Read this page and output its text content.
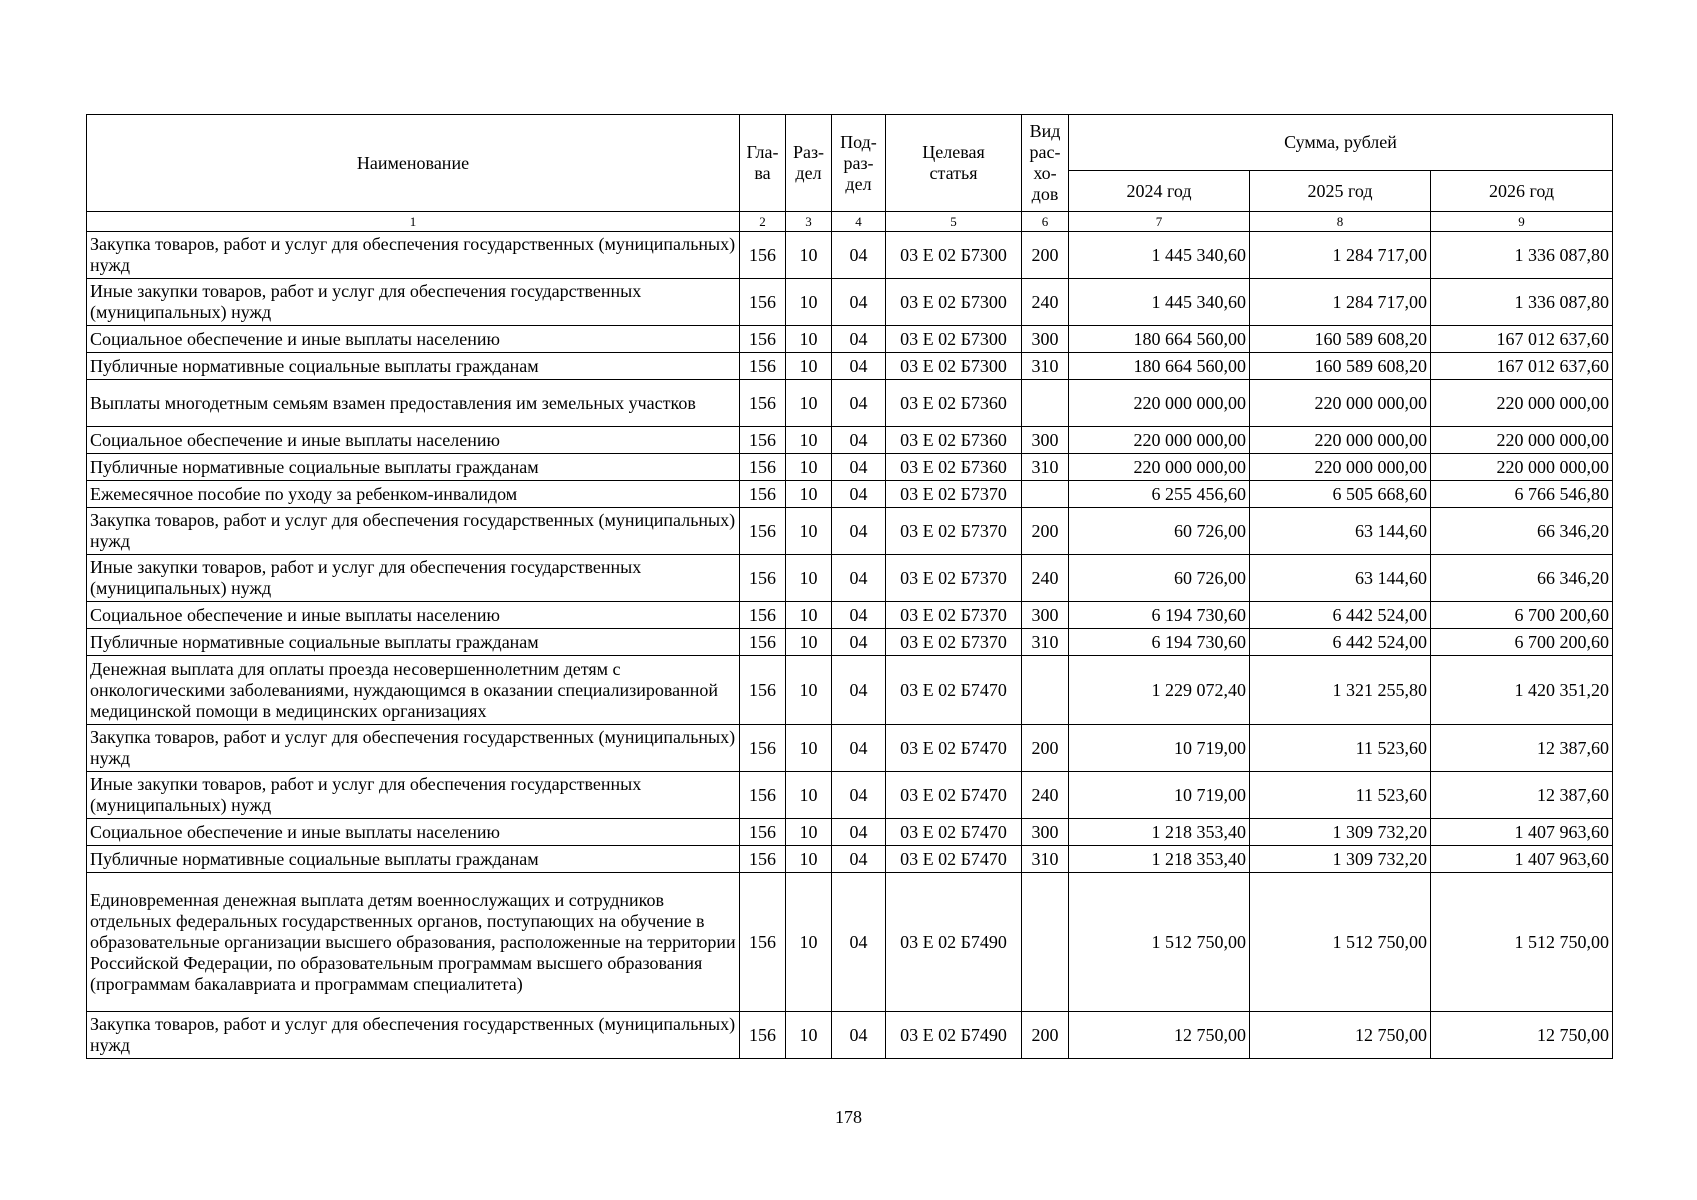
Наименование	Гла-ва	Раз-дел	Под-раз-дел	Целевая статья	Вид рас-хо-дов	Сумма, рублей		
						2024 год	2025 год	2026 год
1	2	3	4	5	6	7	8	9
Закупка товаров, работ и услуг для обеспечения государственных (муниципальных) нужд	156	10	04	03 Е 02 Б7300	200	1 445 340,60	1 284 717,00	1 336 087,80
Иные закупки товаров, работ и услуг для обеспечения государственных (муниципальных) нужд	156	10	04	03 Е 02 Б7300	240	1 445 340,60	1 284 717,00	1 336 087,80
Социальное обеспечение и иные выплаты населению	156	10	04	03 Е 02 Б7300	300	180 664 560,00	160 589 608,20	167 012 637,60
Публичные нормативные социальные выплаты гражданам	156	10	04	03 Е 02 Б7300	310	180 664 560,00	160 589 608,20	167 012 637,60
Выплаты многодетным семьям взамен предоставления им земельных участков	156	10	04	03 Е 02 Б7360		220 000 000,00	220 000 000,00	220 000 000,00
Социальное обеспечение и иные выплаты населению	156	10	04	03 Е 02 Б7360	300	220 000 000,00	220 000 000,00	220 000 000,00
Публичные нормативные социальные выплаты гражданам	156	10	04	03 Е 02 Б7360	310	220 000 000,00	220 000 000,00	220 000 000,00
Ежемесячное пособие по уходу за ребенком-инвалидом	156	10	04	03 Е 02 Б7370		6 255 456,60	6 505 668,60	6 766 546,80
Закупка товаров, работ и услуг для обеспечения государственных (муниципальных) нужд	156	10	04	03 Е 02 Б7370	200	60 726,00	63 144,60	66 346,20
Иные закупки товаров, работ и услуг для обеспечения государственных (муниципальных) нужд	156	10	04	03 Е 02 Б7370	240	60 726,00	63 144,60	66 346,20
Социальное обеспечение и иные выплаты населению	156	10	04	03 Е 02 Б7370	300	6 194 730,60	6 442 524,00	6 700 200,60
Публичные нормативные социальные выплаты гражданам	156	10	04	03 Е 02 Б7370	310	6 194 730,60	6 442 524,00	6 700 200,60
Денежная выплата для оплаты проезда несовершеннолетним детям с онкологическими заболеваниями, нуждающимся в оказании специализированной медицинской помощи в медицинских организациях	156	10	04	03 Е 02 Б7470		1 229 072,40	1 321 255,80	1 420 351,20
Закупка товаров, работ и услуг для обеспечения государственных (муниципальных) нужд	156	10	04	03 Е 02 Б7470	200	10 719,00	11 523,60	12 387,60
Иные закупки товаров, работ и услуг для обеспечения государственных (муниципальных) нужд	156	10	04	03 Е 02 Б7470	240	10 719,00	11 523,60	12 387,60
Социальное обеспечение и иные выплаты населению	156	10	04	03 Е 02 Б7470	300	1 218 353,40	1 309 732,20	1 407 963,60
Публичные нормативные социальные выплаты гражданам	156	10	04	03 Е 02 Б7470	310	1 218 353,40	1 309 732,20	1 407 963,60
Единовременная денежная выплата детям военнослужащих и сотрудников отдельных федеральных государственных органов, поступающих на обучение в образовательные организации высшего образования, расположенные на территории Российской Федерации, по образовательным программам высшего образования (программам бакалавриата и программам специалитета)	156	10	04	03 Е 02 Б7490		1 512 750,00	1 512 750,00	1 512 750,00
Закупка товаров, работ и услуг для обеспечения государственных (муниципальных) нужд	156	10	04	03 Е 02 Б7490	200	12 750,00	12 750,00	12 750,00
178
